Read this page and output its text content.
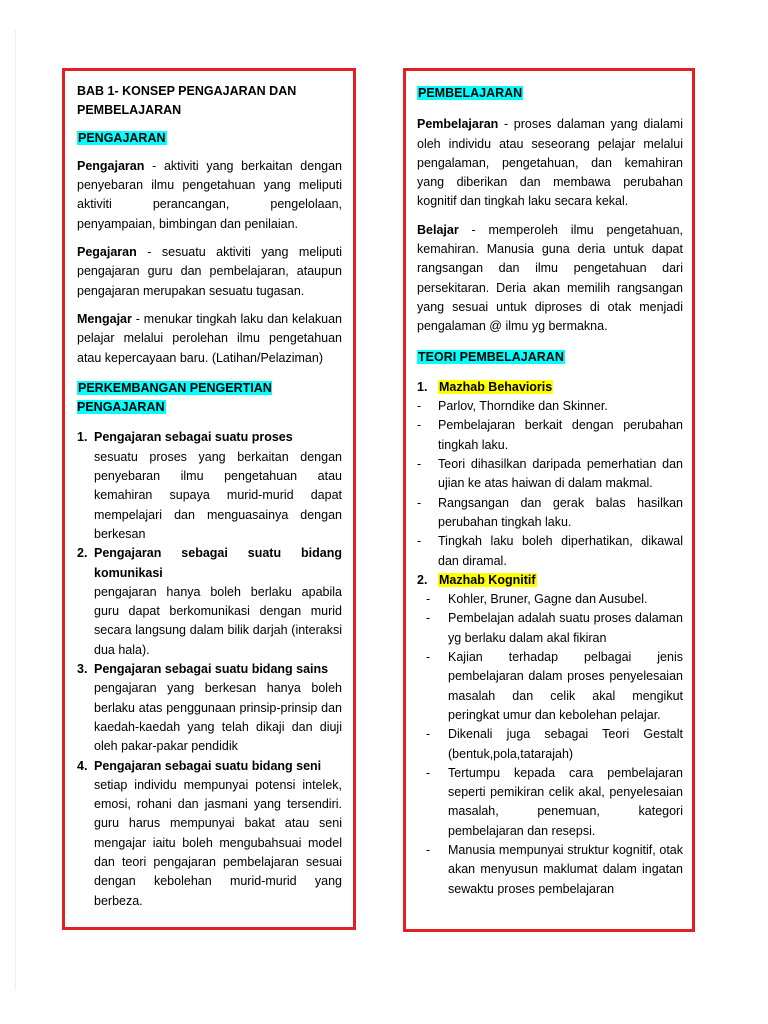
BAB 1- KONSEP PENGAJARAN DAN PEMBELAJARAN
PENGAJARAN

Pengajaran - aktiviti yang berkaitan dengan penyebaran ilmu pengetahuan yang meliputi aktiviti perancangan, pengelolaan, penyampaian, bimbingan dan penilaian.

Pegajaran - sesuatu aktiviti yang meliputi pengajaran guru dan pembelajaran, ataupun pengajaran merupakan sesuatu tugasan.

Mengajar - menukar tingkah laku dan kelakuan pelajar melalui perolehan ilmu pengetahuan atau kepercayaan baru. (Latihan/Pelaziman)

PERKEMBANGAN PENGERTIAN PENGAJARAN
1. Pengajaran sebagai suatu proses
sesuatu proses yang berkaitan dengan penyebaran ilmu pengetahuan atau kemahiran supaya murid-murid dapat mempelajari dan menguasainya dengan berkesan
2. Pengajaran sebagai suatu bidang komunikasi
pengajaran hanya boleh berlaku apabila guru dapat berkomunikasi dengan murid secara langsung dalam bilik darjah (interaksi dua hala).
3. Pengajaran sebagai suatu bidang sains
pengajaran yang berkesan hanya boleh berlaku atas penggunaan prinsip-prinsip dan kaedah-kaedah yang telah dikaji dan diuji oleh pakar-pakar pendidik
4. Pengajaran sebagai suatu bidang seni
setiap individu mempunyai potensi intelek, emosi, rohani dan jasmani yang tersendiri. guru harus mempunyai bakat atau seni mengajar iaitu boleh mengubahsuai model dan teori pengajaran pembelajaran sesuai dengan kebolehan murid-murid yang berbeza.
PEMBELAJARAN

Pembelajaran - proses dalaman yang dialami oleh individu atau seseorang pelajar melalui pengalaman, pengetahuan, dan kemahiran yang diberikan dan membawa perubahan kognitif dan tingkah laku secara kekal.

Belajar - memperoleh ilmu pengetahuan, kemahiran. Manusia guna deria untuk dapat rangsangan dan ilmu pengetahuan dari persekitaran. Deria akan memilih rangsangan yang sesuai untuk diproses di otak menjadi pengalaman @ ilmu yg bermakna.

TEORI PEMBELAJARAN
1. Mazhab Behavioris
- Parlov, Thorndike dan Skinner.
- Pembelajaran berkait dengan perubahan tingkah laku.
- Teori dihasilkan daripada pemerhatian dan ujian ke atas haiwan di dalam makmal.
- Rangsangan dan gerak balas hasilkan perubahan tingkah laku.
- Tingkah laku boleh diperhatikan, dikawal dan diramal.
2. Mazhab Kognitif
- Kohler, Bruner, Gagne dan Ausubel.
- Pembelajan adalah suatu proses dalaman yg berlaku dalam akal fikiran
- Kajian terhadap pelbagai jenis pembelajaran dalam proses penyelesaian masalah dan celik akal mengikut peringkat umur dan kebolehan pelajar.
- Dikenali juga sebagai Teori Gestalt (bentuk,pola,tatarajah)
- Tertumpu kepada cara pembelajaran seperti pemikiran celik akal, penyelesaian masalah, penemuan, kategori pembelajaran dan resepsi.
- Manusia mempunyai struktur kognitif, otak akan menyusun maklumat dalam ingatan sewaktu proses pembelajaran
